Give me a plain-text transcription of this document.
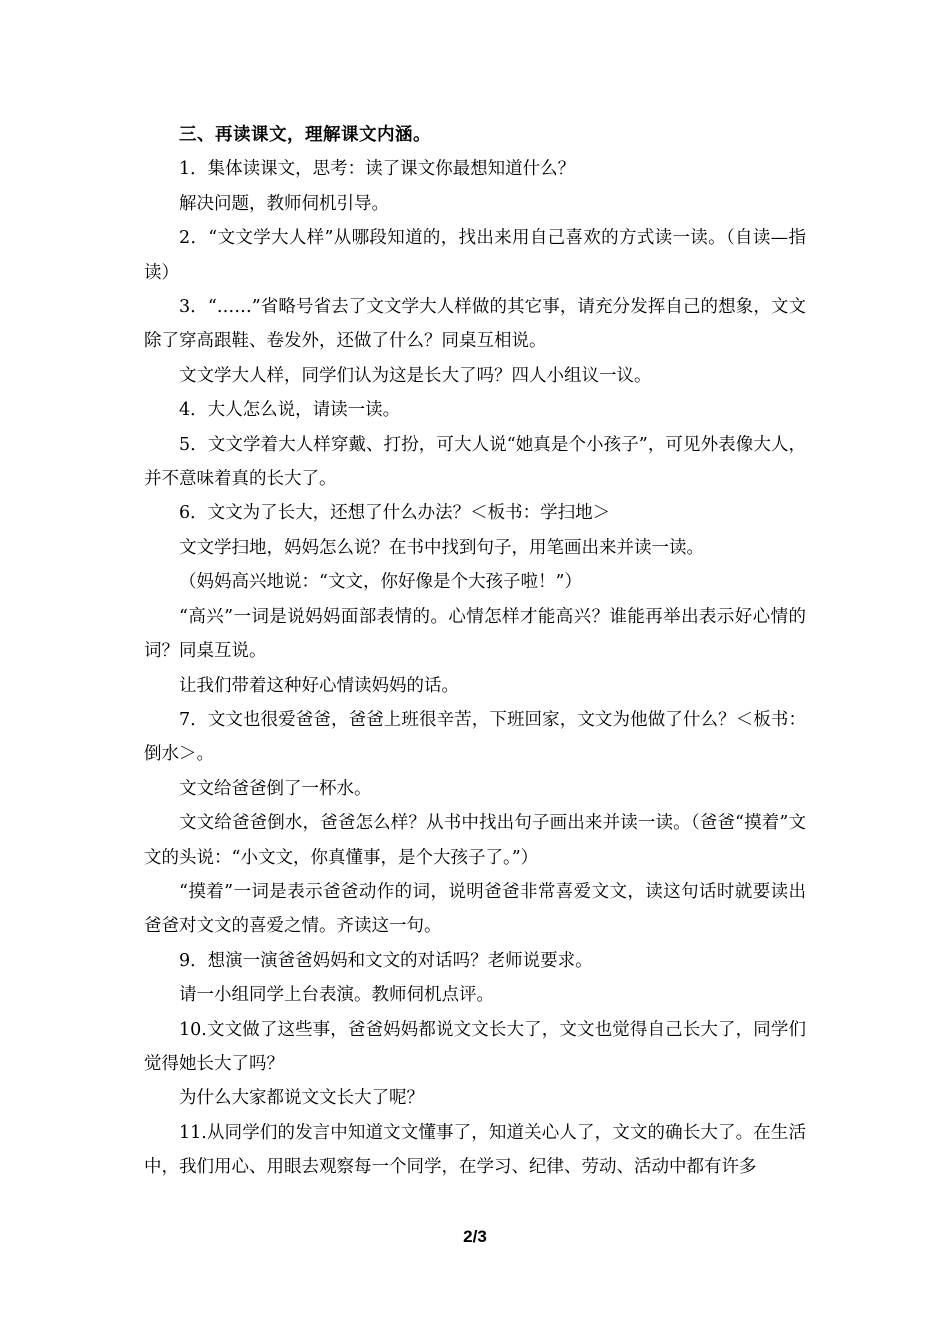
三、再读课文，理解课文内涵。
1．集体读课文，思考：读了课文你最想知道什么？
解决问题，教师伺机引导。
2．“文文学大人样”从哪段知道的，找出来用自己喜欢的方式读一读。（自读—指读）
3．“……”省略号省去了文文学大人样做的其它事，请充分发挥自己的想象，文文除了穿高跟鞋、卷发外，还做了什么？同桌互相说。
文文学大人样，同学们认为这是长大了吗？四人小组议一议。
4．大人怎么说，请读一读。
5．文文学着大人样穿戴、打扮，可大人说“她真是个小孩子”，可见外表像大人，并不意味着真的长大了。
6．文文为了长大，还想了什么办法？＜板书：学扫地＞
文文学扫地，妈妈怎么说？在书中找到句子，用笔画出来并读一读。
（妈妈高兴地说：“文文，你好像是个大孩子啦！”）
“高兴”一词是说妈妈面部表情的。心情怎样才能高兴？谁能再举出表示好心情的词？同桌互说。
让我们带着这种好心情读妈妈的话。
7．文文也很爱爸爸，爸爸上班很辛苦，下班回家，文文为他做了什么？＜板书：倒水＞。
文文给爸爸倒了一杯水。
文文给爸爸倒水，爸爸怎么样？从书中找出句子画出来并读一读。（爸爸“摸着”文文的头说：“小文文，你真懂事，是个大孩子了。”）
“摸着”一词是表示爸爸动作的词，说明爸爸非常喜爱文文，读这句话时就要读出爸爸对文文的喜爱之情。齐读这一句。
9．想演一演爸爸妈妈和文文的对话吗？老师说要求。
请一小组同学上台表演。教师伺机点评。
10.文文做了这些事，爸爸妈妈都说文文长大了，文文也觉得自己长大了，同学们觉得她长大了吗？
为什么大家都说文文长大了呢？
11.从同学们的发言中知道文文懂事了，知道关心人了，文文的确长大了。在生活中，我们用心、用眼去观察每一个同学，在学习、纪律、劳动、活动中都有许多
2/3
